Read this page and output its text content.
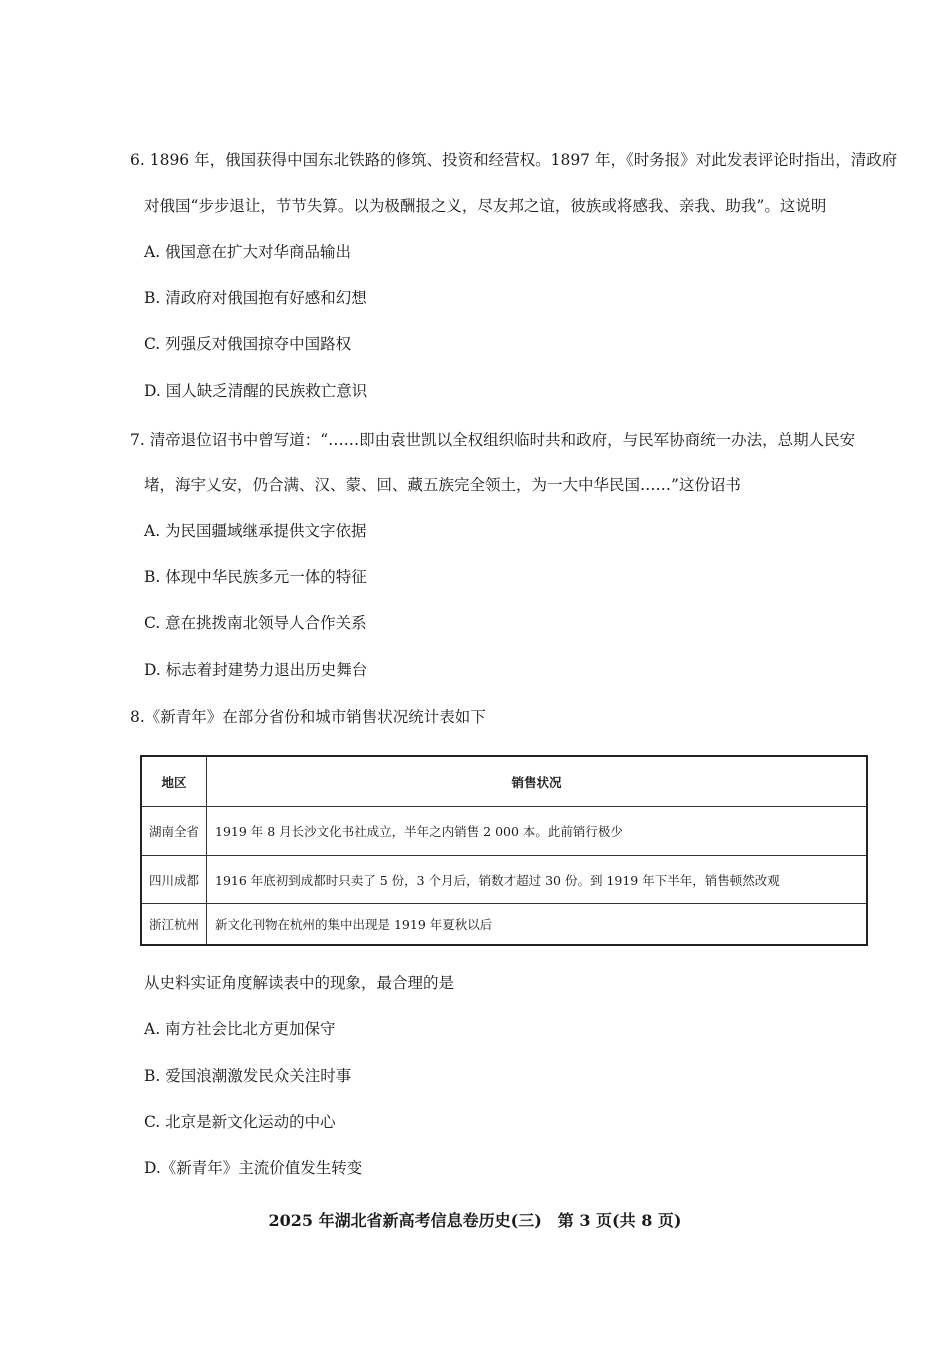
6. 1896 年，俄国获得中国东北铁路的修筑、投资和经营权。1897 年，《时务报》对此发表评论时指出，清政府
对俄国“步步退让，节节失算。以为极酬报之义，尽友邦之谊，彼族或将感我、亲我、助我”。这说明
A. 俄国意在扩大对华商品输出
B. 清政府对俄国抱有好感和幻想
C. 列强反对俄国掠夺中国路权
D. 国人缺乏清醒的民族救亡意识
7. 清帝退位诏书中曾写道：“……即由袁世凯以全权组织临时共和政府，与民军协商统一办法，总期人民安
堵，海宇乂安，仍合满、汉、蒙、回、藏五族完全领土，为一大中华民国……”这份诏书
A. 为民国疆域继承提供文字依据
B. 体现中华民族多元一体的特征
C. 意在挑拨南北领导人合作关系
D. 标志着封建势力退出历史舞台
8.《新青年》在部分省份和城市销售状况统计表如下
地区	销售状况
湖南全省	1919 年 8 月长沙文化书社成立，半年之内销售 2 000 本。此前销行极少
四川成都	1916 年底初到成都时只卖了 5 份，3 个月后，销数才超过 30 份。到 1919 年下半年，销售顿然改观
浙江杭州	新文化刊物在杭州的集中出现是 1919 年夏秋以后
从史料实证角度解读表中的现象，最合理的是
A. 南方社会比北方更加保守
B. 爱国浪潮激发民众关注时事
C. 北京是新文化运动的中心
D.《新青年》主流价值发生转变
2025 年湖北省新高考信息卷历史(三)　第 3 页(共 8 页)
